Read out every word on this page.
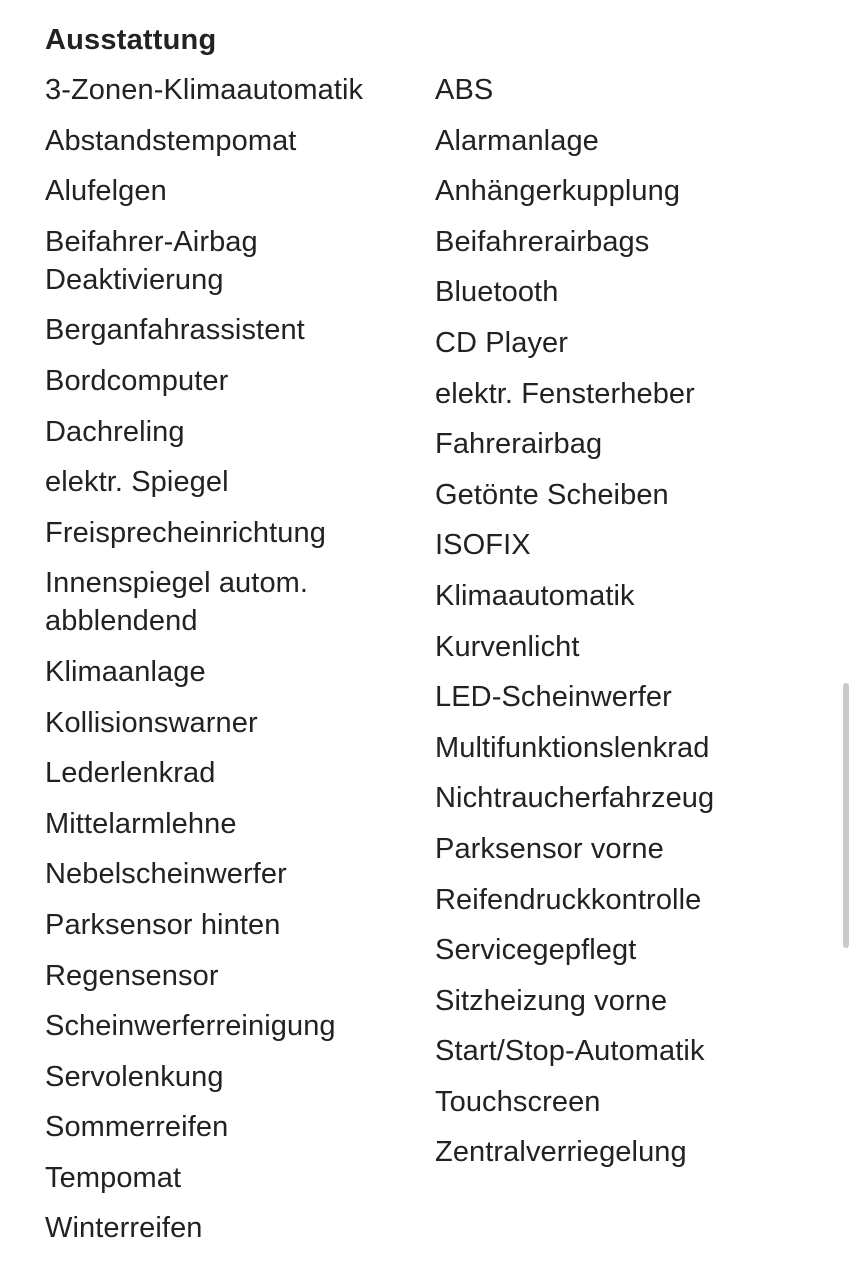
Ausstattung
3-Zonen-Klimaautomatik
Abstandstempomat
Alufelgen
Beifahrer-Airbag Deaktivierung
Berganfahrassistent
Bordcomputer
Dachreling
elektr. Spiegel
Freisprecheinrichtung
Innenspiegel autom. abblendend
Klimaanlage
Kollisionswarner
Lederlenkrad
Mittelarmlehne
Nebelscheinwerfer
Parksensor hinten
Regensensor
Scheinwerferreinigung
Servolenkung
Sommerreifen
Tempomat
Winterreifen
ABS
Alarmanlage
Anhängerkupplung
Beifahrerairbags
Bluetooth
CD Player
elektr. Fensterheber
Fahrerairbag
Getönte Scheiben
ISOFIX
Klimaautomatik
Kurvenlicht
LED-Scheinwerfer
Multifunktionslenkrad
Nichtraucherfahrzeug
Parksensor vorne
Reifendruckkontrolle
Servicegepflegt
Sitzheizung vorne
Start/Stop-Automatik
Touchscreen
Zentralverriegelung
